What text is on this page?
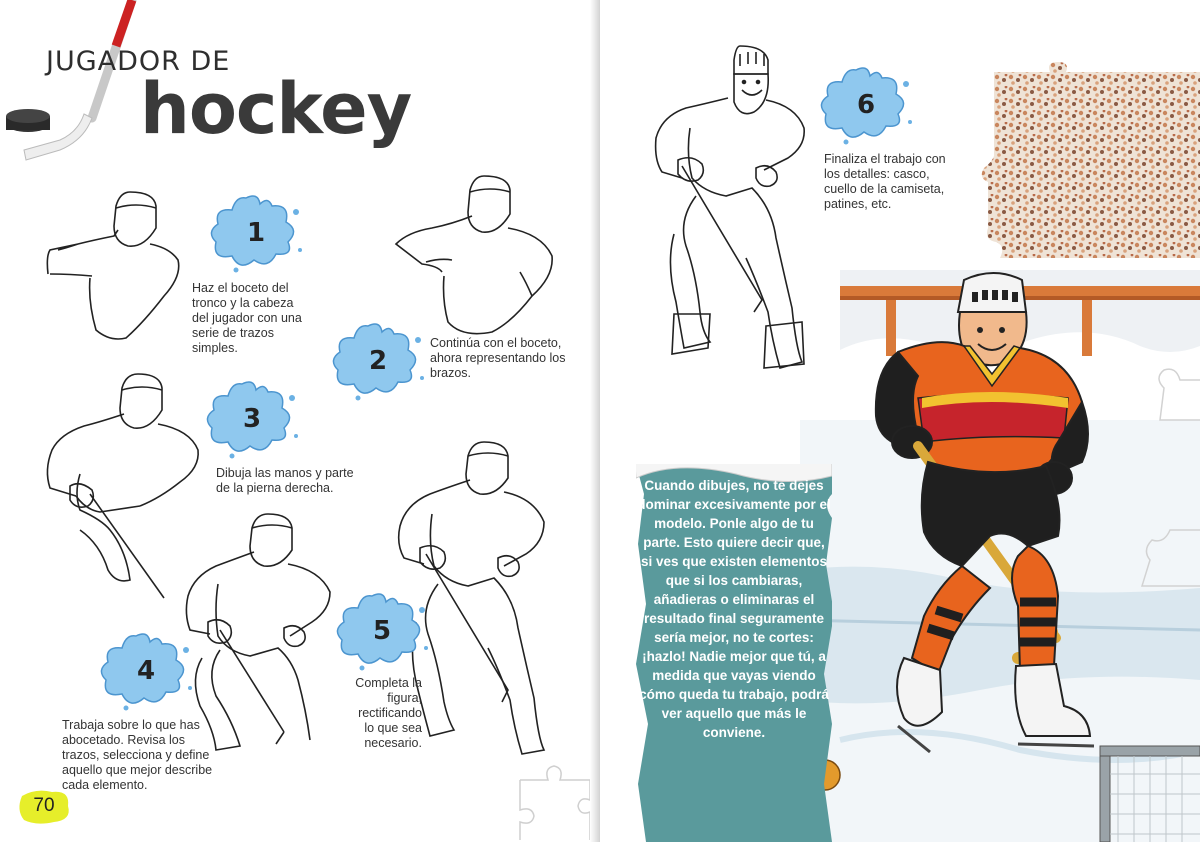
JUGADOR DE
hockey
1
Haz el boceto del tronco y la cabeza del jugador con una serie de trazos simples.	2
Continúa con el boceto, ahora representando los brazos.
3
Dibuja las manos y parte de la pierna derecha.
4
Trabaja sobre lo que has abocetado. Revisa los trazos, selecciona y define aquello que mejor describe cada elemento.
5
Completa la figura, rectificando lo que sea necesario.
70
6
Finaliza el trabajo con los detalles: casco, cuello de la camiseta, patines, etc.
Cuando dibujes, no te dejes dominar excesivamente por el modelo. Ponle algo de tu parte. Esto quiere decir que, si ves que existen elementos que si los cambiaras, añadieras o eliminaras el resultado final seguramente sería mejor, no te cortes: ¡hazlo! Nadie mejor que tú, a medida que vayas viendo cómo queda tu trabajo, podrá ver aquello que más le conviene.
